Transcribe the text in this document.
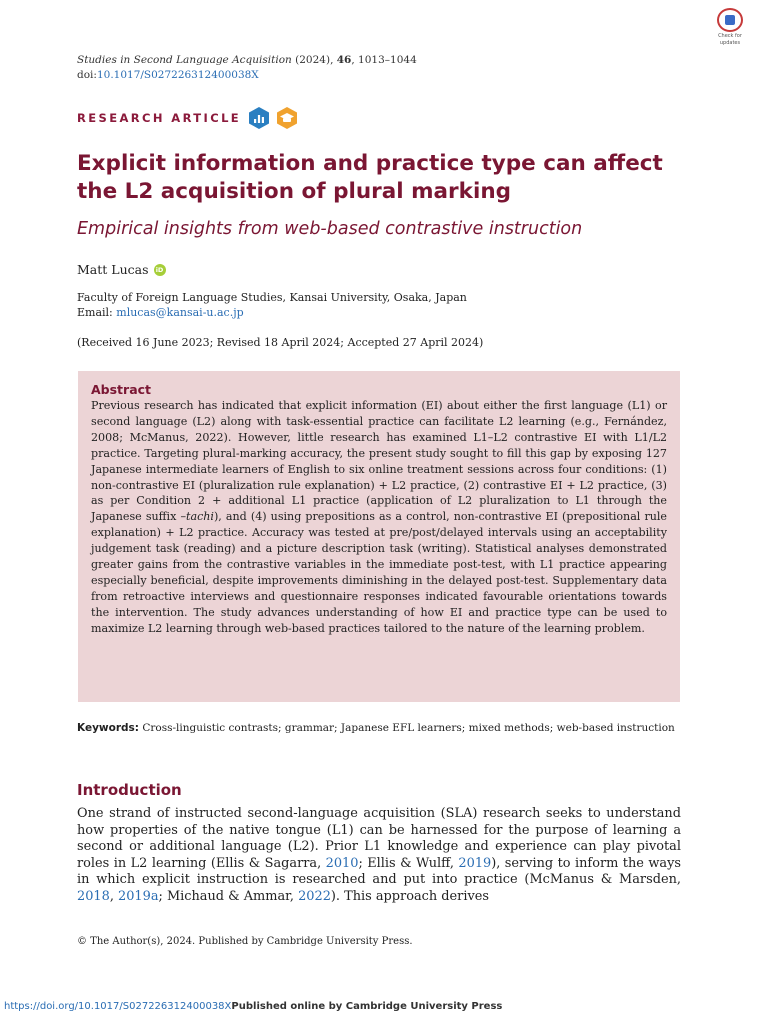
Studies in Second Language Acquisition (2024), 46, 1013–1044
doi:10.1017/S027226312400038X
Check for
updates
RESEARCH ARTICLE
Explicit information and practice type can affect the L2 acquisition of plural marking
Empirical insights from web-based contrastive instruction
Matt Lucas	iD
Faculty of Foreign Language Studies, Kansai University, Osaka, Japan
Email: mlucas@kansai-u.ac.jp
(Received 16 June 2023; Revised 18 April 2024; Accepted 27 April 2024)
Abstract
Previous research has indicated that explicit information (EI) about either the first language (L1) or second language (L2) along with task-essential practice can facilitate L2 learning (e.g., Fernández, 2008; McManus, 2022). However, little research has examined L1–L2 contrastive EI with L1/L2 practice. Targeting plural-marking accuracy, the present study sought to fill this gap by exposing 127 Japanese intermediate learners of English to six online treatment sessions across four conditions: (1) non-contrastive EI (pluralization rule explanation) + L2 practice, (2) contrastive EI + L2 practice, (3) as per Condition 2 + additional L1 practice (application of L2 pluralization to L1 through the Japanese suffix –tachi), and (4) using prepositions as a control, non-contrastive EI (prepositional rule explanation) + L2 practice. Accuracy was tested at pre/post/delayed intervals using an acceptability judgement task (reading) and a picture description task (writing). Statistical analyses demonstrated greater gains from the contrastive variables in the immediate post-test, with L1 practice appearing especially beneficial, despite improvements diminishing in the delayed post-test. Supplementary data from retroactive interviews and questionnaire responses indicated favourable orientations towards the intervention. The study advances understanding of how EI and practice type can be used to maximize L2 learning through web-based practices tailored to the nature of the learning problem.
Keywords: Cross-linguistic contrasts; grammar; Japanese EFL learners; mixed methods; web-based instruction
Introduction
One strand of instructed second-language acquisition (SLA) research seeks to understand how properties of the native tongue (L1) can be harnessed for the purpose of learning a second or additional language (L2). Prior L1 knowledge and experience can play pivotal roles in L2 learning (Ellis & Sagarra, 2010; Ellis & Wulff, 2019), serving to inform the ways in which explicit instruction is researched and put into practice (McManus & Marsden, 2018, 2019a; Michaud & Ammar, 2022). This approach derives
© The Author(s), 2024. Published by Cambridge University Press.
https://doi.org/10.1017/S027226312400038XPublished online by Cambridge University Press
